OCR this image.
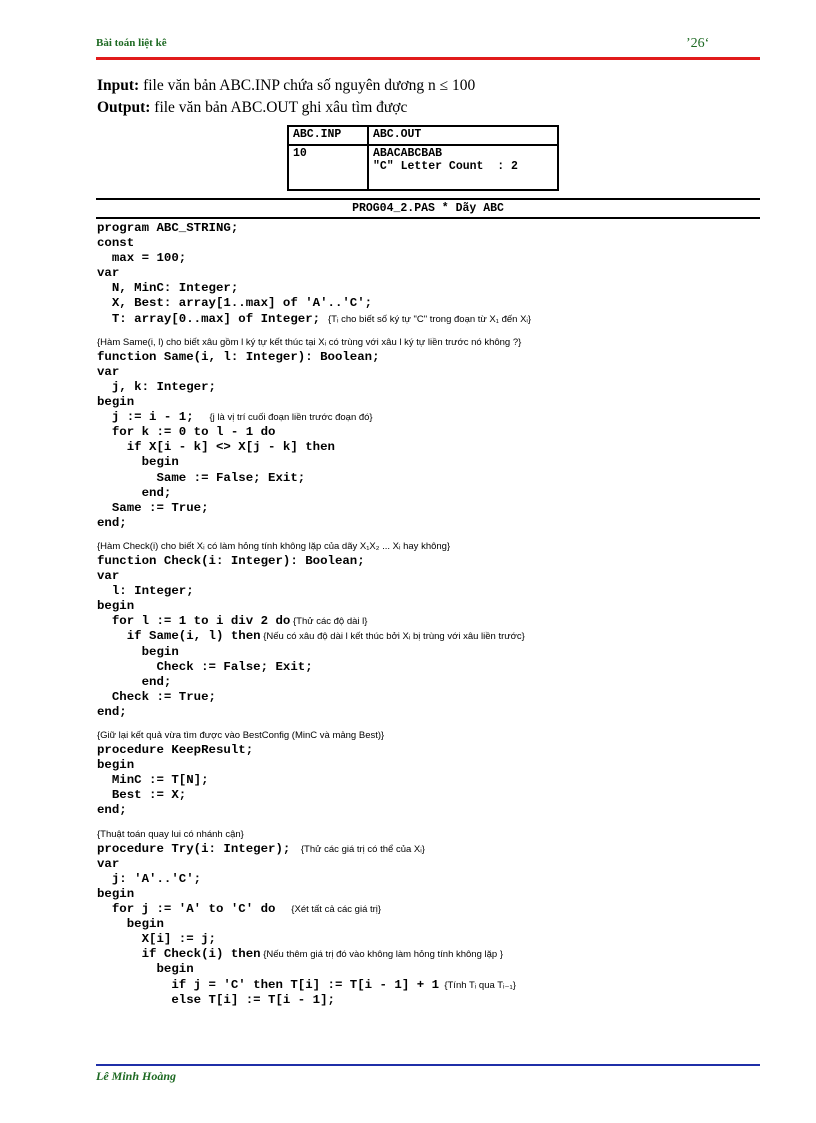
Bài toán liệt kê	’26‘
Input: file văn bản ABC.INP chứa số nguyên dương n ≤ 100
Output: file văn bản ABC.OUT ghi xâu tìm được
ABC.INP	ABC.OUT
10	ABACABCBAB
"C" Letter Count  : 2
PROG04_2.PAS * Dãy ABC
program ABC_STRING;
const
max = 100;
var
N, MinC: Integer;
X, Best: array[1..max] of 'A'..'C';
T: array[0..max] of Integer;   {Tᵢ cho biết số ký tự "C" trong đoạn từ X₁ đến Xᵢ}
{Hàm Same(i, l) cho biết xâu gồm l ký tự kết thúc tại Xᵢ có trùng với xâu l ký tự liền trước nó không ?}
function Same(i, l: Integer): Boolean;
var
j, k: Integer;
begin
j := i - 1;      {j là vị trí cuối đoạn liền trước đoạn đó}
for k := 0 to l - 1 do
if X[i - k] <> X[j - k] then
begin
Same := False; Exit;
end;
Same := True;
end;
{Hàm Check(i) cho biết Xᵢ có làm hỏng tính không lặp của dãy X₁X₂ ... Xᵢ hay không}
function Check(i: Integer): Boolean;
var
l: Integer;
begin
for l := 1 to i div 2 do {Thử các độ dài l}
if Same(i, l) then {Nếu có xâu độ dài l kết thúc bởi Xᵢ bị trùng với xâu liền trước}
begin
Check := False; Exit;
end;
Check := True;
end;
{Giữ lại kết quả vừa tìm được vào BestConfig (MinC và mảng Best)}
procedure KeepResult;
begin
MinC := T[N];
Best := X;
end;
{Thuật toán quay lui có nhánh cận}
procedure Try(i: Integer);    {Thử các giá trị có thể của Xᵢ}
var
j: 'A'..'C';
begin
for j := 'A' to 'C' do      {Xét tất cả các giá trị}
begin
X[i] := j;
if Check(i) then {Nếu thêm giá trị đó vào không làm hỏng tính không lặp }
begin
if j = 'C' then T[i] := T[i - 1] + 1  {Tính Tᵢ qua Tᵢ₋₁}
else T[i] := T[i - 1];
Lê Minh Hoàng
